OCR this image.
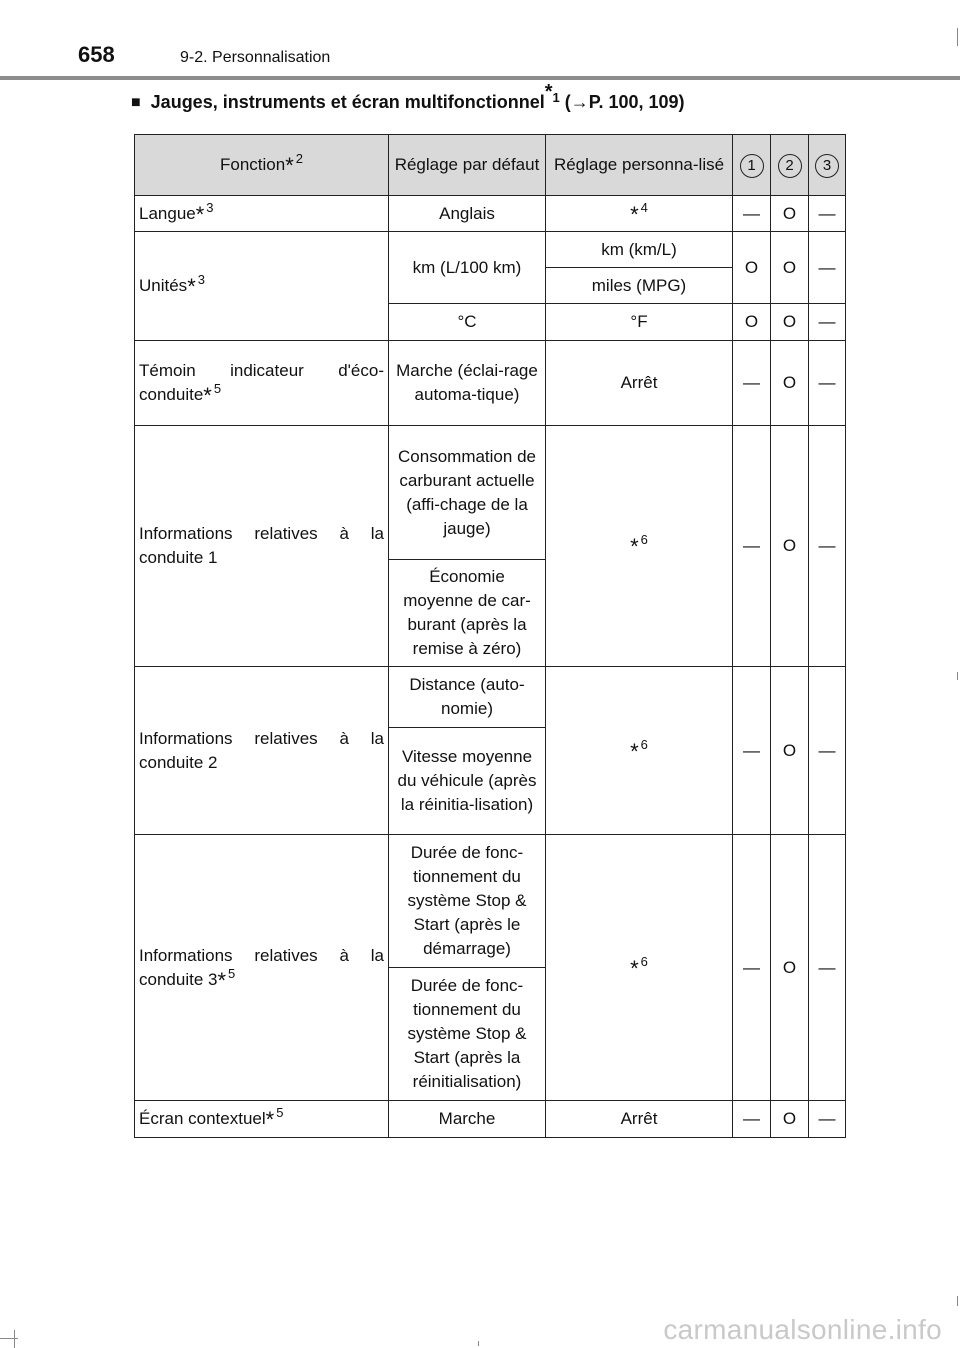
658	9-2. Personnalisation
■ Jauges, instruments et écran multifonctionnel$^{*1}$ (→P. 100, 109)
Fonction* $^2$	Réglage par défaut	Réglage personna-lisé	1	2	3
Langue* $^3$	Anglais	* $^4$	—	O	—
Unités* $^3$	km (L/100 km)	km (km/L)	O	O	—
		miles (MPG)			
	°C	°F	O	O	—
Témoin indicateur d'éco-conduite* $^5$	Marche (éclai-rage automa-tique)	Arrêt	—	O	—
Informations relatives à la conduite 1	Consommation de carburant actuelle (affi-chage de la jauge)	* $^6$	—	O	—
	Économie moyenne de car-burant (après la remise à zéro)				
Informations relatives à la conduite 2	Distance (auto-nomie)	* $^6$	—	O	—
	Vitesse moyenne du véhicule (après la réinitia-lisation)				
Informations relatives à la conduite 3* $^5$	Durée de fonc-tionnement du système Stop & Start (après le démarrage)	* $^6$	—	O	—
	Durée de fonc-tionnement du système Stop & Start (après la réinitialisation)				
Écran contextuel* $^5$	Marche	Arrêt	—	O	—
carmanualsonline.info
